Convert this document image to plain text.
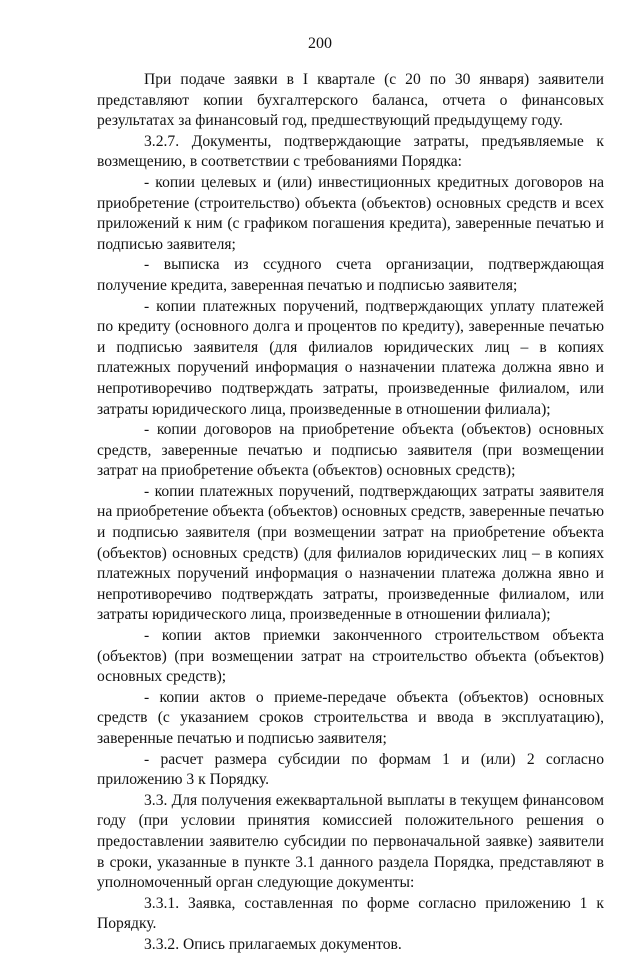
200

При подаче заявки в I квартале (с 20 по 30 января) заявители представляют копии бухгалтерского баланса, отчета о финансовых результатах за финансовый год, предшествующий предыдущему году.

3.2.7. Документы, подтверждающие затраты, предъявляемые к возмещению, в соответствии с требованиями Порядка:

- копии целевых и (или) инвестиционных кредитных договоров на приобретение (строительство) объекта (объектов) основных средств и всех приложений к ним (с графиком погашения кредита), заверенные печатью и подписью заявителя;

- выписка из ссудного счета организации, подтверждающая получение кредита, заверенная печатью и подписью заявителя;

- копии платежных поручений, подтверждающих уплату платежей по кредиту (основного долга и процентов по кредиту), заверенные печатью и подписью заявителя (для филиалов юридических лиц – в копиях платежных поручений информация о назначении платежа должна явно и непротиворечиво подтверждать затраты, произведенные филиалом, или затраты юридического лица, произведенные в отношении филиала);

- копии договоров на приобретение объекта (объектов) основных средств, заверенные печатью и подписью заявителя (при возмещении затрат на приобретение объекта (объектов) основных средств);

- копии платежных поручений, подтверждающих затраты заявителя на приобретение объекта (объектов) основных средств, заверенные печатью и подписью заявителя (при возмещении затрат на приобретение объекта (объектов) основных средств) (для филиалов юридических лиц – в копиях платежных поручений информация о назначении платежа должна явно и непротиворечиво подтверждать затраты, произведенные филиалом, или затраты юридического лица, произведенные в отношении филиала);

- копии актов приемки законченного строительством объекта (объектов) (при возмещении затрат на строительство объекта (объектов) основных средств);

- копии актов о приеме-передаче объекта (объектов) основных средств (с указанием сроков строительства и ввода в эксплуатацию), заверенные печатью и подписью заявителя;

- расчет размера субсидии по формам 1 и (или) 2 согласно приложению 3 к Порядку.

3.3. Для получения ежеквартальной выплаты в текущем финансовом году (при условии принятия комиссией положительного решения о предоставлении заявителю субсидии по первоначальной заявке) заявители в сроки, указанные в пункте 3.1 данного раздела Порядка, представляют в уполномоченный орган следующие документы:

3.3.1. Заявка, составленная по форме согласно приложению 1 к Порядку.

3.3.2. Опись прилагаемых документов.
